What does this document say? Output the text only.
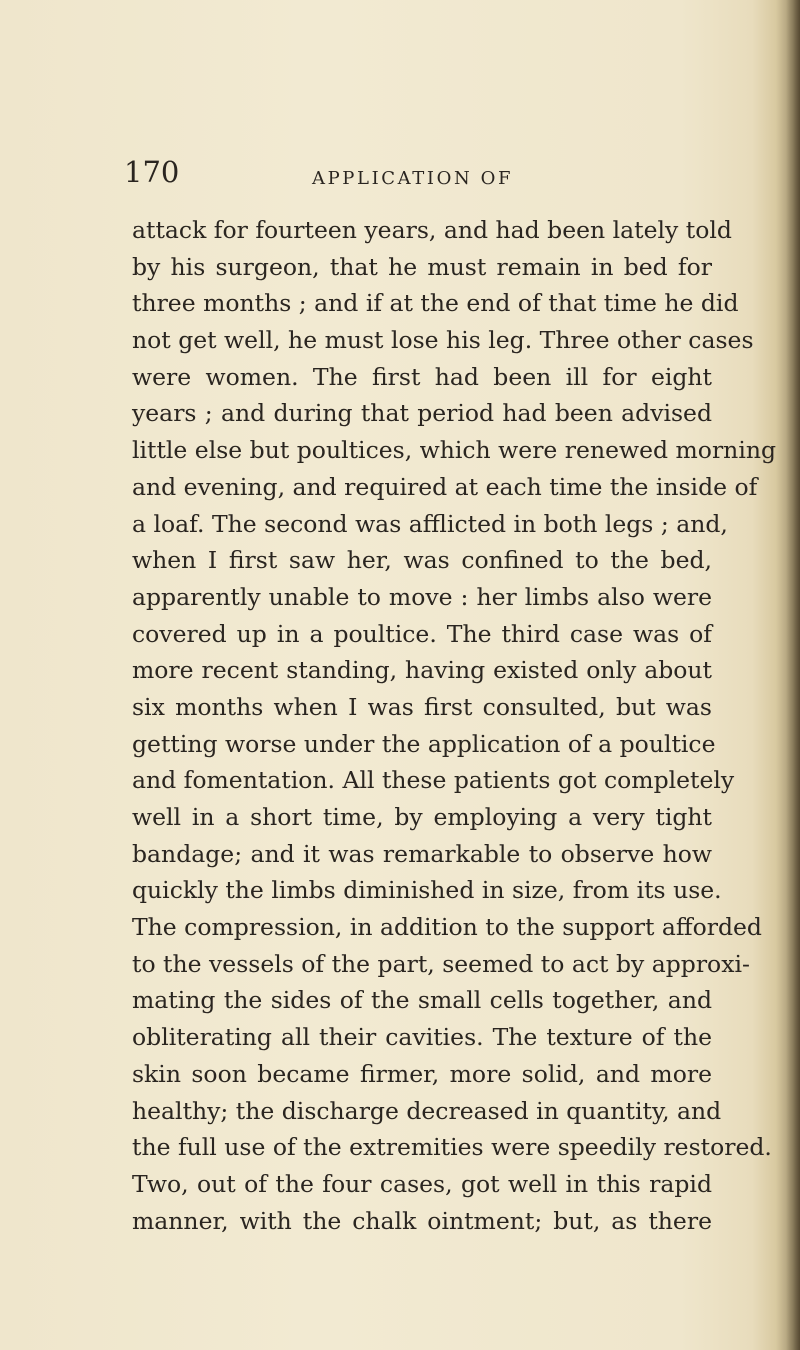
170	APPLICATION OF
attack for fourteen years, and had been lately told
by his surgeon, that he must remain in bed for
three months ; and if at the end of that time he did
not get well, he must lose his leg. Three other cases
were women. The first had been ill for eight
years ; and during that period had been advised
little else but poultices, which were renewed morning
and evening, and required at each time the inside of
a loaf. The second was afflicted in both legs ; and,
when I first saw her, was confined to the bed,
apparently unable to move : her limbs also were
covered up in a poultice. The third case was of
more recent standing, having existed only about
six months when I was first consulted, but was
getting worse under the application of a poultice
and fomentation. All these patients got completely
well in a short time, by employing a very tight
bandage; and it was remarkable to observe how
quickly the limbs diminished in size, from its use.
The compression, in addition to the support afforded
to the vessels of the part, seemed to act by approxi-
mating the sides of the small cells together, and
obliterating all their cavities. The texture of the
skin soon became firmer, more solid, and more
healthy; the discharge decreased in quantity, and
the full use of the extremities were speedily restored.
Two, out of the four cases, got well in this rapid
manner, with the chalk ointment; but, as there
